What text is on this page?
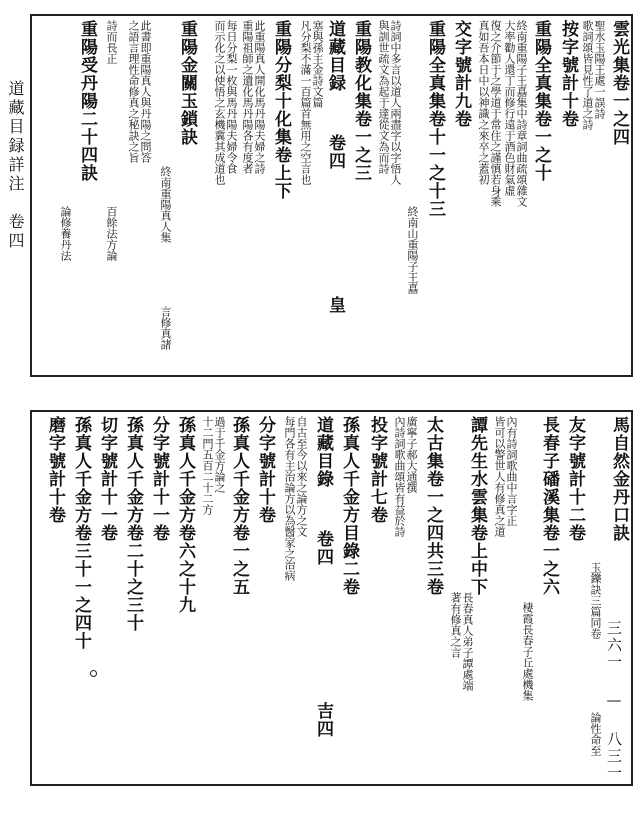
道藏目録詳注　卷四
三六一 — 八三一
雲光集卷一之四
聖水玉陽王處一誤詩
歌詞頌皆見性了道之詩
按字號計十卷
重陽全真集卷一之十
終南重陽子王嚞集中詩章詞曲疏頌雜文
大率勸人還丁而修行遠于酒色財氣虛
復之介節于之學道于常住之謹慎若身乘
真如吾本日中以神識之來卒之蓋初
交字號計九卷
重陽全真集卷十一之十三
終南山重陽子王嚞
詩詞中多言以道人兩盡字以字悟人
與訓世疏文為起于達從文為而詩
重陽教化集卷一之三
道藏目録
卷四
皇
塞與孫主金詩文篇
凡分梨不滿一百篇首無用之空言也
重陽分梨十化集卷上下
此重陽真人開化馬丹陽夫婦之詩
重陽祖師之遺化馬丹陽各有度者
每日分梨一枚與馬丹陽夫婦令食
而示化之以使悟之玄機冀其成道也
重陽金關玉鎖訣
終南重陽真人集
言修真諸
此書即重陽真人與丹陽之問答
之語言理性命修真之秘訣之旨
重陽受丹陽二十四訣
論修養丹法	百餘法方論
詩而長正
馬自然金丹口訣
玉鑠訣三篇同卷
論性命至
友字號計十二卷
長春子磻溪集卷一之六
棲霞長春子丘處機集
內有詩詞歌曲中言字正
皆可以警世人有修真之道
譚先生水雲集卷上中下
長春真人弟子譚處端
著有修真之言
太古集卷一之四共三卷
廣寧子郝大通撰
內詩詞歌曲頌皆有益於詩
投字號計七卷
孫真人千金方目錄二卷
道藏目錄
卷四
吉四
自古至今以來之論方之文
每門各有主治論方以為醫家之治病
分字號計十卷
孫真人千金方卷一之五
過于千金方論之
十二門五百二十二方
孫真人千金方卷六之十九
分字號計十一卷
孫真人千金方卷二十之三十
切字號計十一卷
孫真人千金方卷三十一之四十
磨字號計十卷
